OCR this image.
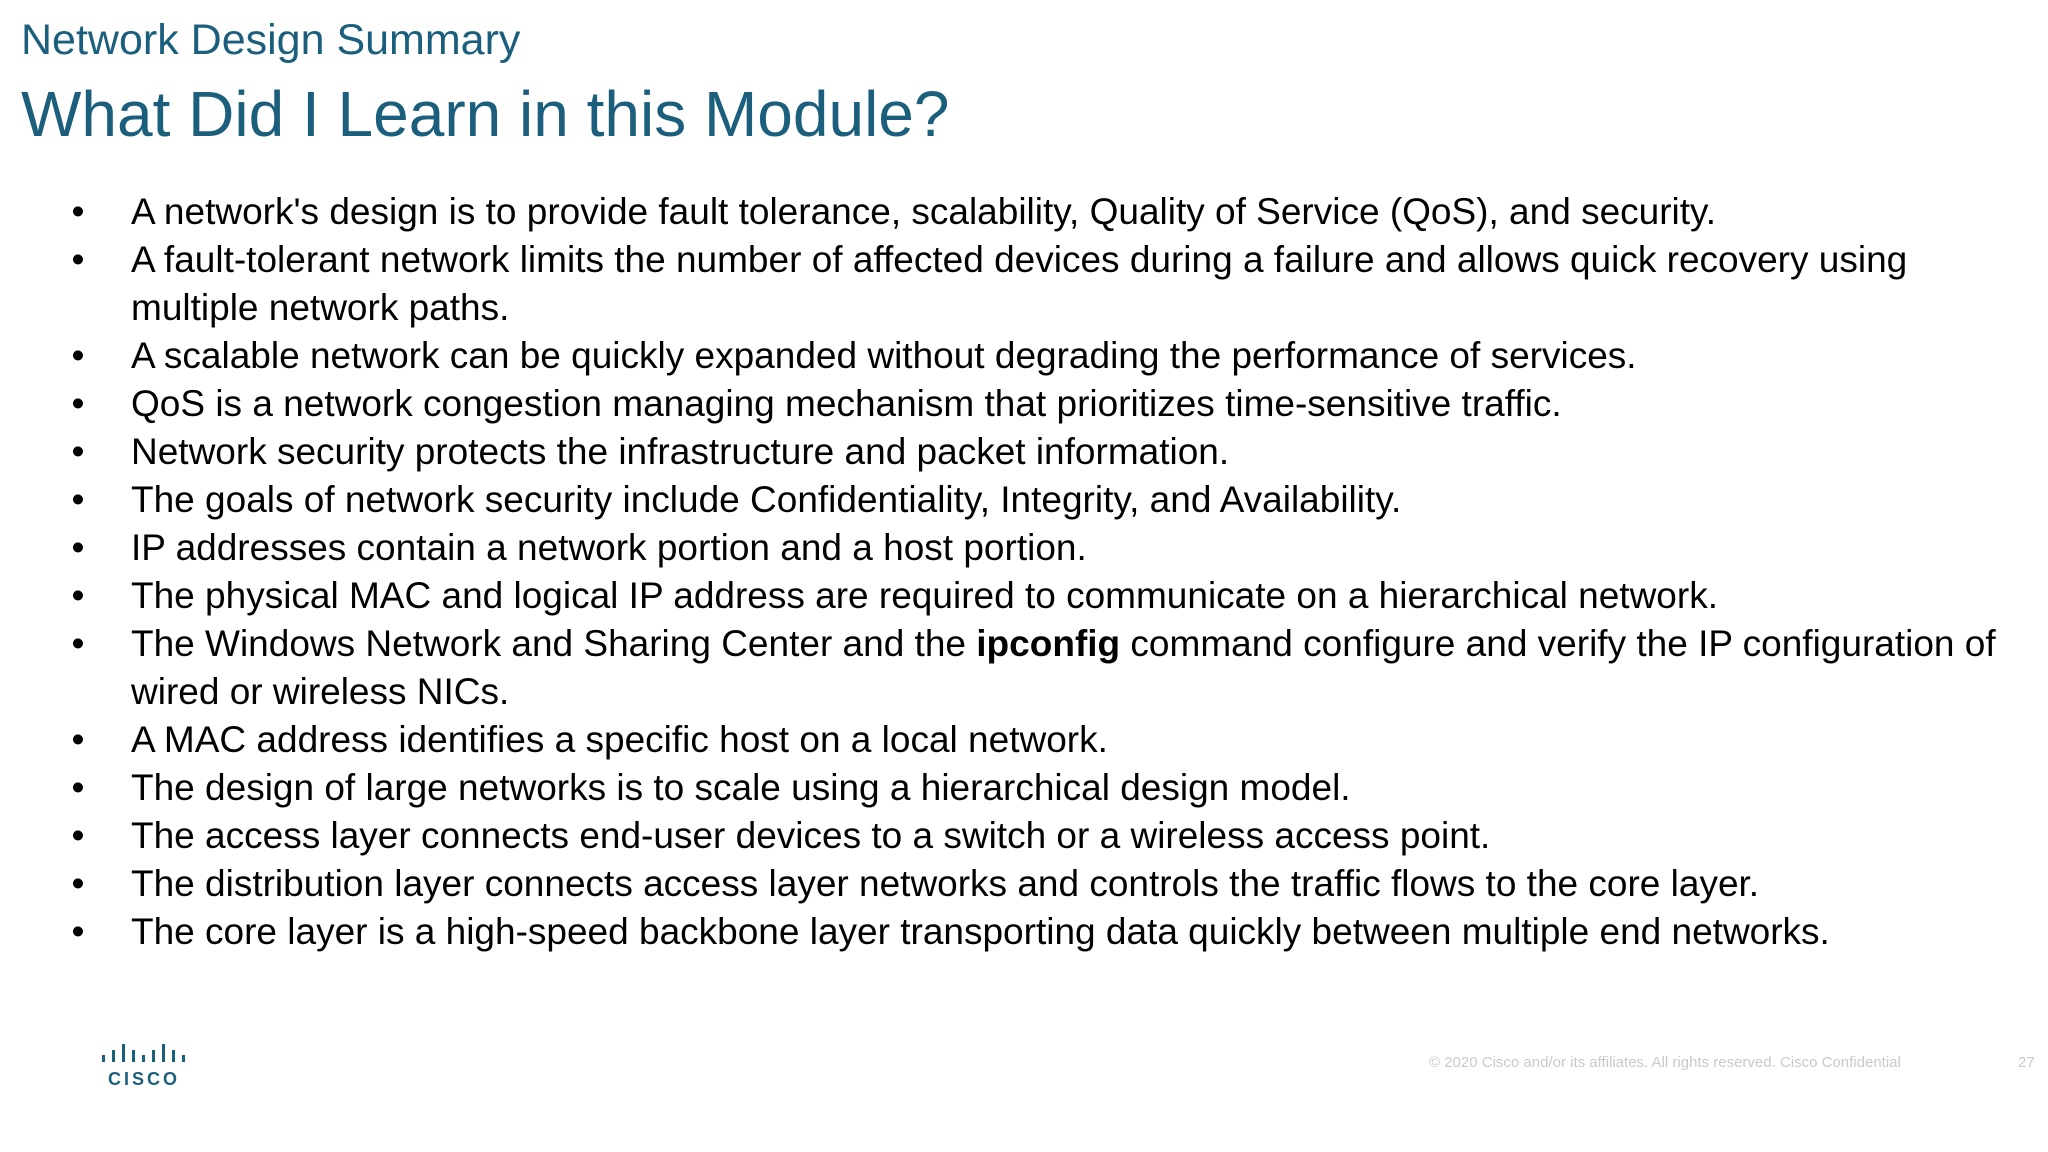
Network Design Summary
What Did I Learn in this Module?
• A network's design is to provide fault tolerance, scalability, Quality of Service (QoS), and security.
• A fault-tolerant network limits the number of affected devices during a failure and allows quick recovery using multiple network paths.
• A scalable network can be quickly expanded without degrading the performance of services.
• QoS is a network congestion managing mechanism that prioritizes time-sensitive traffic.
• Network security protects the infrastructure and packet information.
• The goals of network security include Confidentiality, Integrity, and Availability.
• IP addresses contain a network portion and a host portion.
• The physical MAC and logical IP address are required to communicate on a hierarchical network.
• The Windows Network and Sharing Center and the ipconfig command configure and verify the IP configuration of wired or wireless NICs.
• A MAC address identifies a specific host on a local network.
• The design of large networks is to scale using a hierarchical design model.
• The access layer connects end-user devices to a switch or a wireless access point.
• The distribution layer connects access layer networks and controls the traffic flows to the core layer.
• The core layer is a high-speed backbone layer transporting data quickly between multiple end networks.
CISCO
© 2020 Cisco and/or its affiliates. All rights reserved. Cisco Confidential	27
